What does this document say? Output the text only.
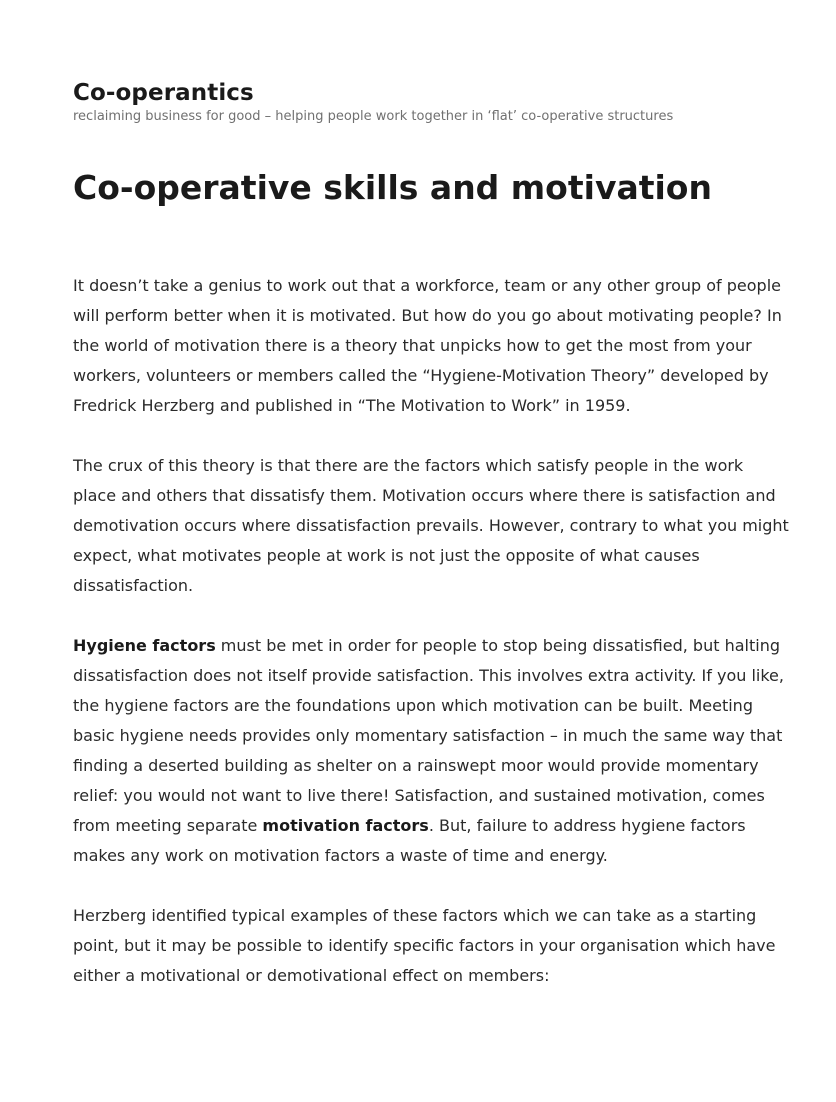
Co-operantics
reclaiming business for good – helping people work together in ‘flat’ co-operative structures
Co-operative skills and motivation

It doesn’t take a genius to work out that a workforce, team or any other group of people will perform better when it is motivated. But how do you go about motivating people? In the world of motivation there is a theory that unpicks how to get the most from your workers, volunteers or members called the “Hygiene-Motivation Theory” developed by Fredrick Herzberg and published in “The Motivation to Work” in 1959.

The crux of this theory is that there are the factors which satisfy people in the work place and others that dissatisfy them. Motivation occurs where there is satisfaction and demotivation occurs where dissatisfaction prevails. However, contrary to what you might expect, what motivates people at work is not just the opposite of what causes dissatisfaction.

Hygiene factors must be met in order for people to stop being dissatisfied, but halting dissatisfaction does not itself provide satisfaction. This involves extra activity. If you like, the hygiene factors are the foundations upon which motivation can be built. Meeting basic hygiene needs provides only momentary satisfaction – in much the same way that finding a deserted building as shelter on a rainswept moor would provide momentary relief: you would not want to live there! Satisfaction, and sustained motivation, comes from meeting separate motivation factors. But, failure to address hygiene factors makes any work on motivation factors a waste of time and energy.

Herzberg identified typical examples of these factors which we can take as a starting point, but it may be possible to identify specific factors in your organisation which have either a motivational or demotivational effect on members:
